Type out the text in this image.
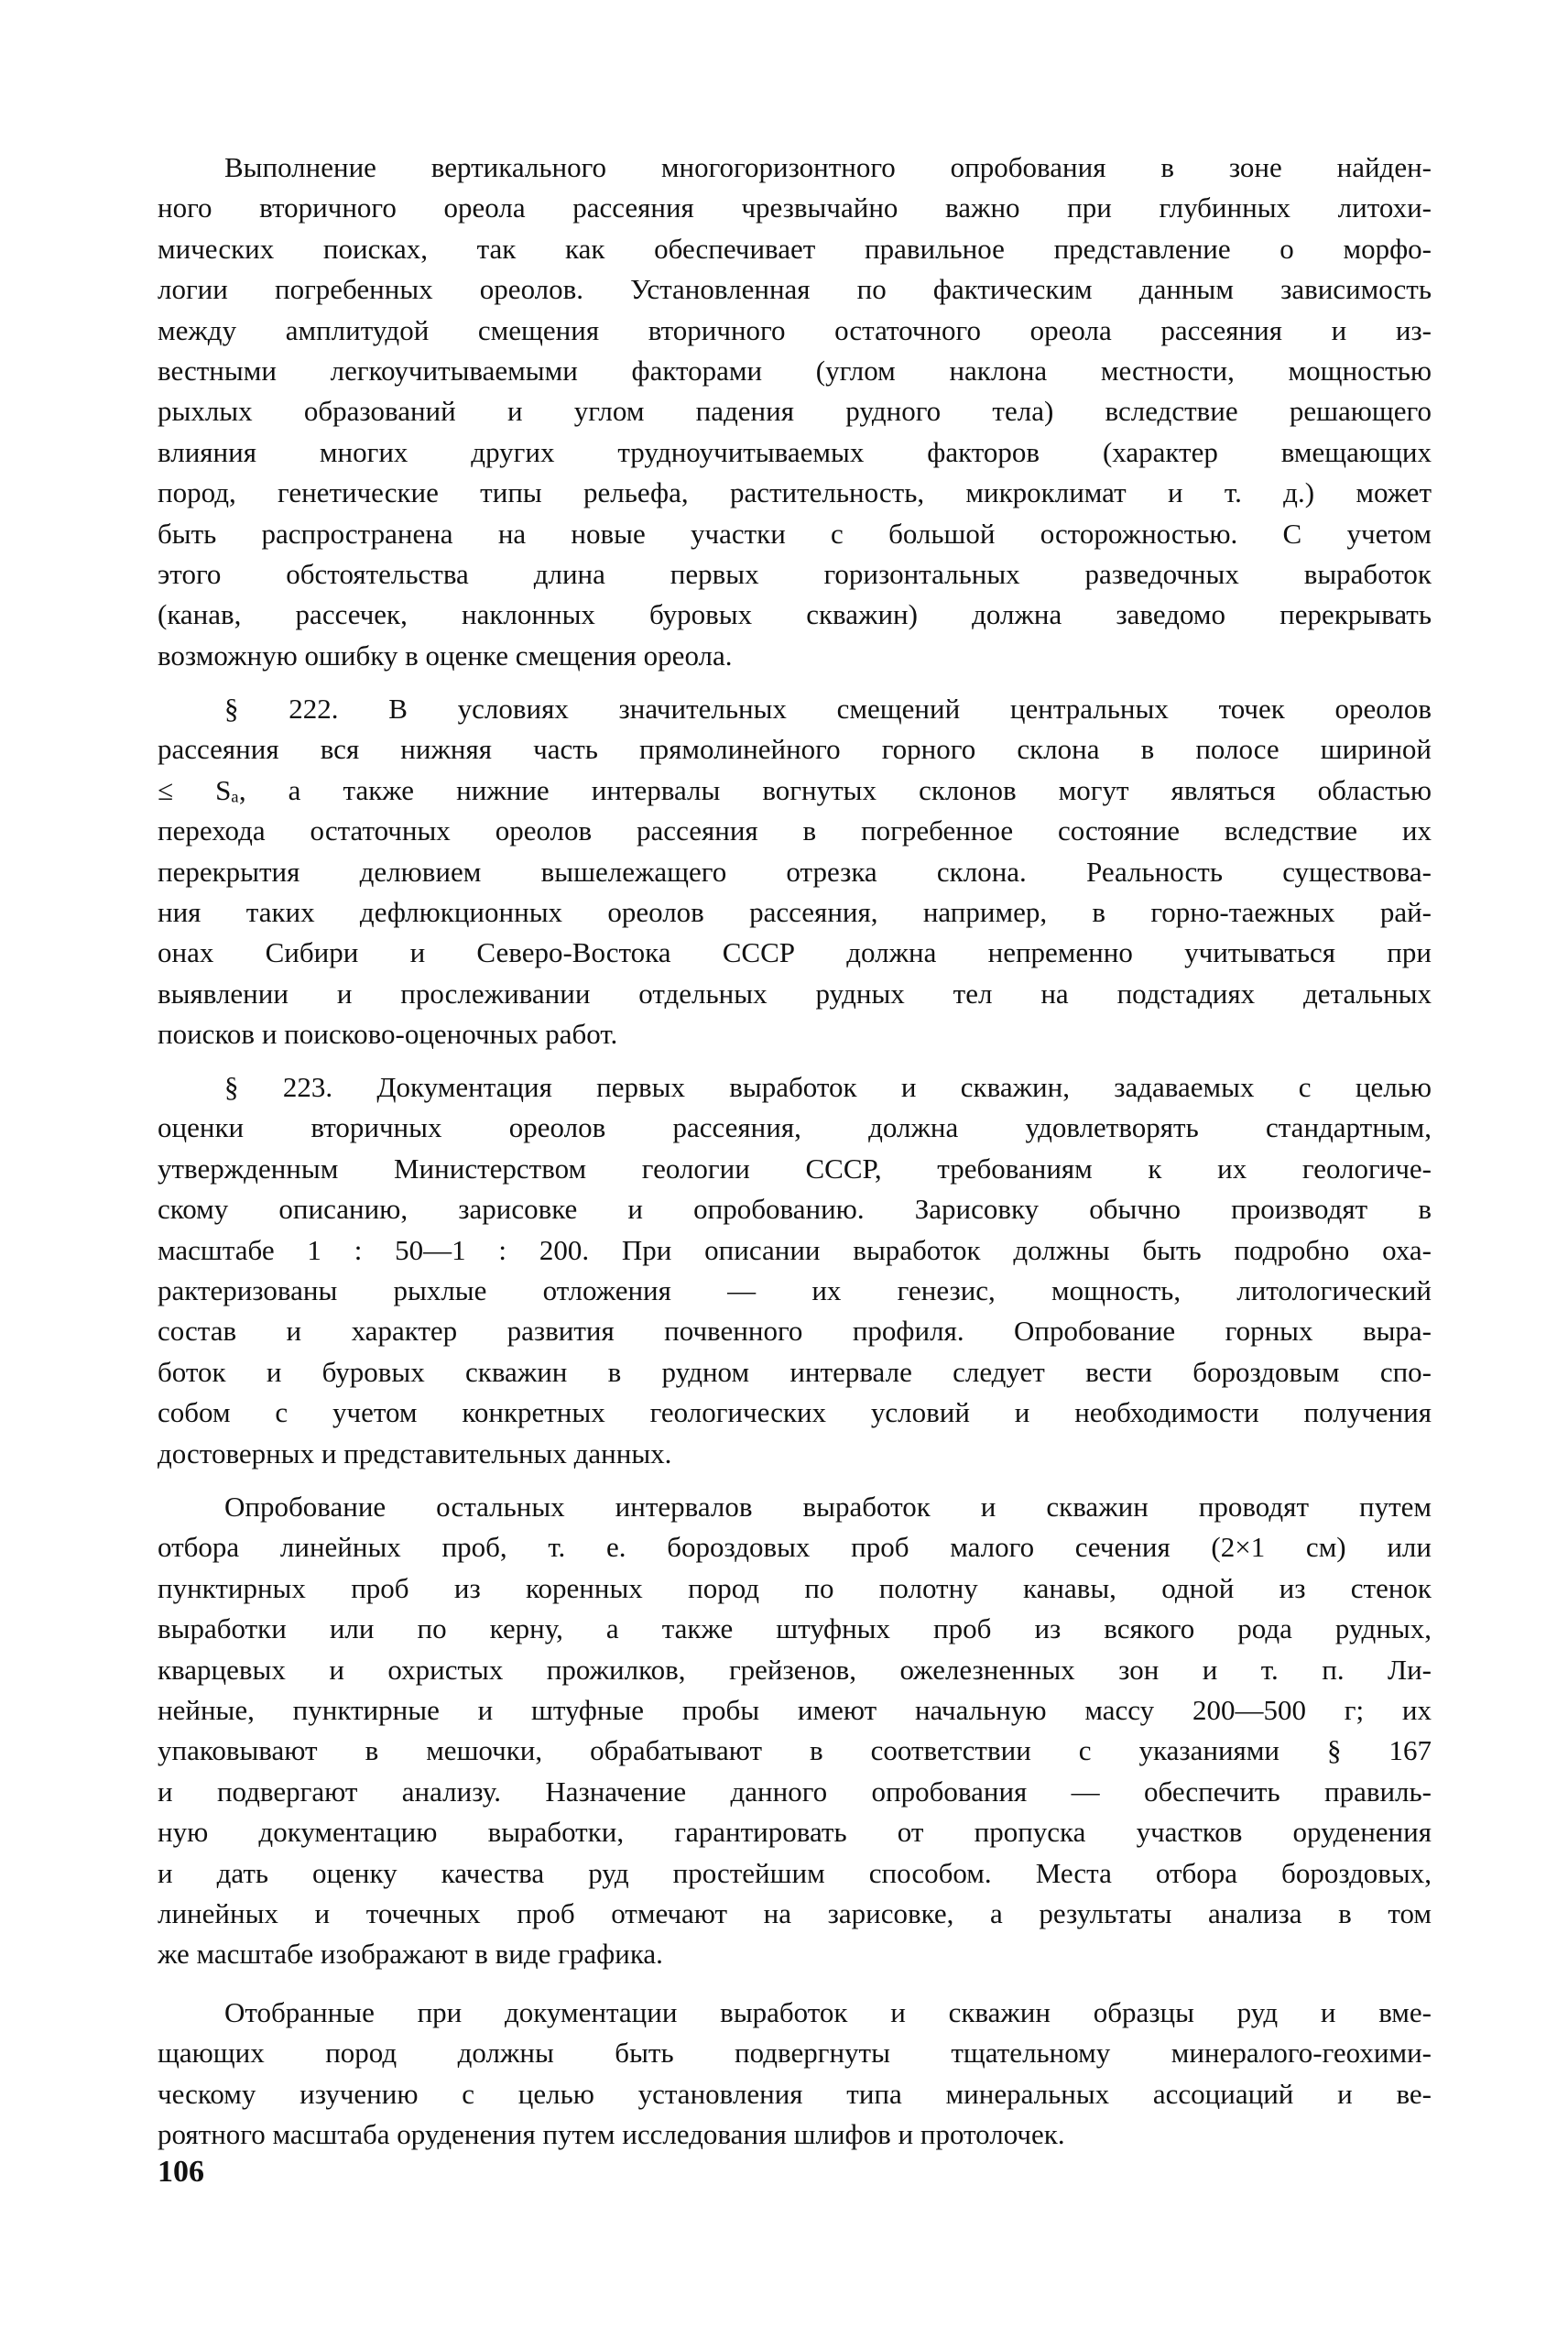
Выполнение вертикального многогоризонтного опробования в зоне найден-
ного вторичного ореола рассеяния чрезвычайно важно при глубинных литохи-
мических поисках, так как обеспечивает правильное представление о морфо-
логии погребенных ореолов. Установленная по фактическим данным зависимость
между амплитудой смещения вторичного остаточного ореола рассеяния и из-
вестными легкоучитываемыми факторами (углом наклона местности, мощностью
рыхлых образований и углом падения рудного тела) вследствие решающего
влияния многих других трудноучитываемых факторов (характер вмещающих
пород, генетические типы рельефа, растительность, микроклимат и т. д.) может
быть распространена на новые участки с большой осторожностью. С учетом
этого обстоятельства длина первых горизонтальных разведочных выработок
(канав, рассечек, наклонных буровых скважин) должна заведомо перекрывать
возможную ошибку в оценке смещения ореола.
§ 222. В условиях значительных смещений центральных точек ореолов
рассеяния вся нижняя часть прямолинейного горного склона в полосе шириной
≤ Sₐ, а также нижние интервалы вогнутых склонов могут являться областью
перехода остаточных ореолов рассеяния в погребенное состояние вследствие их
перекрытия делювием вышележащего отрезка склона. Реальность существова-
ния таких дефлюкционных ореолов рассеяния, например, в горно-таежных рай-
онах Сибири и Северо-Востока СССР должна непременно учитываться при
выявлении и прослеживании отдельных рудных тел на подстадиях детальных
поисков и поисково-оценочных работ.
§ 223. Документация первых выработок и скважин, задаваемых с целью
оценки вторичных ореолов рассеяния, должна удовлетворять стандартным,
утвержденным Министерством геологии СССР, требованиям к их геологиче-
скому описанию, зарисовке и опробованию. Зарисовку обычно производят в
масштабе 1 : 50—1 : 200. При описании выработок должны быть подробно оха-
рактеризованы рыхлые отложения — их генезис, мощность, литологический
состав и характер развития почвенного профиля. Опробование горных выра-
боток и буровых скважин в рудном интервале следует вести бороздовым спо-
собом с учетом конкретных геологических условий и необходимости получения
достоверных и представительных данных.
Опробование остальных интервалов выработок и скважин проводят путем
отбора линейных проб, т. е. бороздовых проб малого сечения (2×1 см) или
пунктирных проб из коренных пород по полотну канавы, одной из стенок
выработки или по керну, а также штуфных проб из всякого рода рудных,
кварцевых и охристых прожилков, грейзенов, ожелезненных зон и т. п. Ли-
нейные, пунктирные и штуфные пробы имеют начальную массу 200—500 г; их
упаковывают в мешочки, обрабатывают в соответствии с указаниями § 167
и подвергают анализу. Назначение данного опробования — обеспечить правиль-
ную документацию выработки, гарантировать от пропуска участков оруденения
и дать оценку качества руд простейшим способом. Места отбора бороздовых,
линейных и точечных проб отмечают на зарисовке, а результаты анализа в том
же масштабе изображают в виде графика.
Отобранные при документации выработок и скважин образцы руд и вме-
щающих пород должны быть подвергнуты тщательному минералого-геохими-
ческому изучению с целью установления типа минеральных ассоциаций и ве-
роятного масштаба оруденения путем исследования шлифов и протолочек.
106
